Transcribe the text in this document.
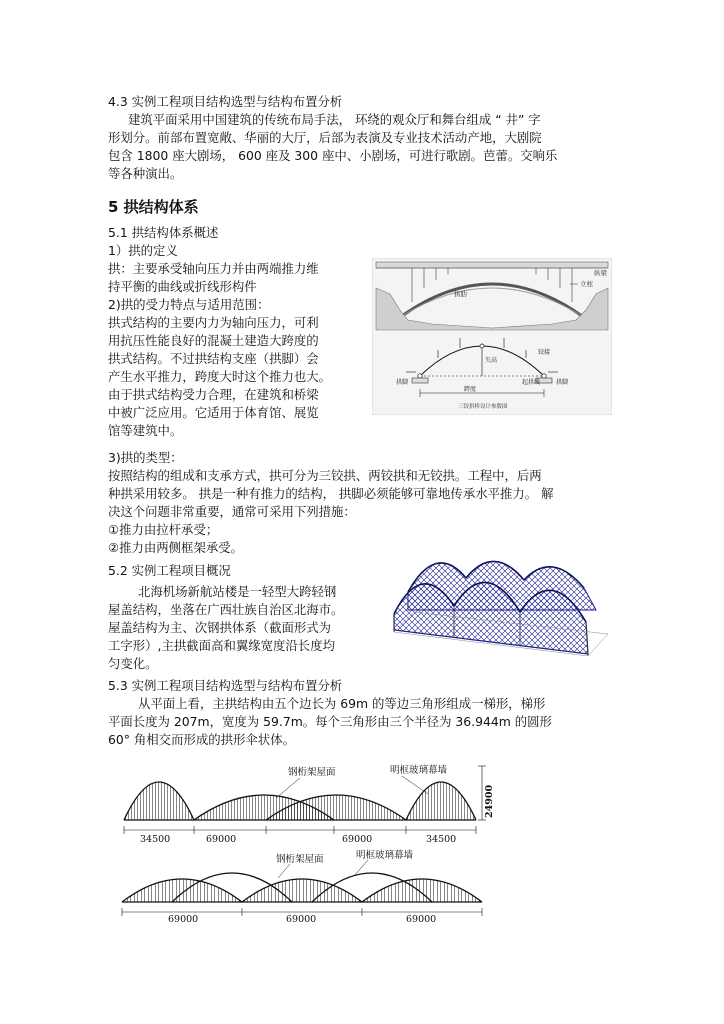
4.3 实例工程项目结构选型与结构布置分析
建筑平面采用中国建筑的传统布局手法， 环绕的观众厅和舞台组成 “ 井” 字
形划分。前部布置宽敞、华丽的大厅，后部为表演及专业技术活动产地，大剧院
包含 1800 座大剧场， 600 座及 300 座中、小剧场，可进行歌剧。芭蕾。交响乐
等各种演出。
5 拱结构体系
5.1 拱结构体系概述
1）拱的定义
拱：主要承受轴向压力并由两端推力维
持平衡的曲线或折线形构件
2)拱的受力特点与适用范围：
拱式结构的主要内力为轴向压力，可利
用抗压性能良好的混凝土建造大跨度的
拱式结构。不过拱结构支座（拱脚）会
产生水平推力，跨度大时这个推力也大。
由于拱式结构受力合理，在建筑和桥梁
中被广泛应用。它适用于体育馆、展览
馆等建筑中。
3)拱的类型：
按照结构的组成和支承方式，拱可分为三铰拱、两铰拱和无铰拱。工程中，后两
种拱采用较多。 拱是一种有推力的结构， 拱脚必须能够可靠地传承水平推力。 解
决这个问题非常重要，通常可采用下列措施：
①推力由拉杆承受；
②推力由两侧框架承受。
5.2 实例工程项目概况
北海机场新航站楼是一轻型大跨轻钢
屋盖结构，坐落在广西壮族自治区北海市。
屋盖结构为主、次钢拱体系（截面形式为
工字形）,主拱截面高和翼缘宽度沿长度均
匀变化。
5.3 实例工程项目结构选型与结构布置分析
从平面上看，主拱结构由五个边长为 69m 的等边三角形组成一梯形，梯形
平面长度为 207m，宽度为 59.7m。每个三角形由三个半径为 36.944m 的圆形
60° 角相交而形成的拱形伞状体。
立柱
纵梁
拱肋
跨度
矢高
铰接
起拱线
拱脚	拱脚
三铰拱桥设计参数图
钢桁架屋面	明框玻璃幕墙
24900
34500	69000	69000	34500
钢桁架屋面	明框玻璃幕墙
69000	69000	69000
